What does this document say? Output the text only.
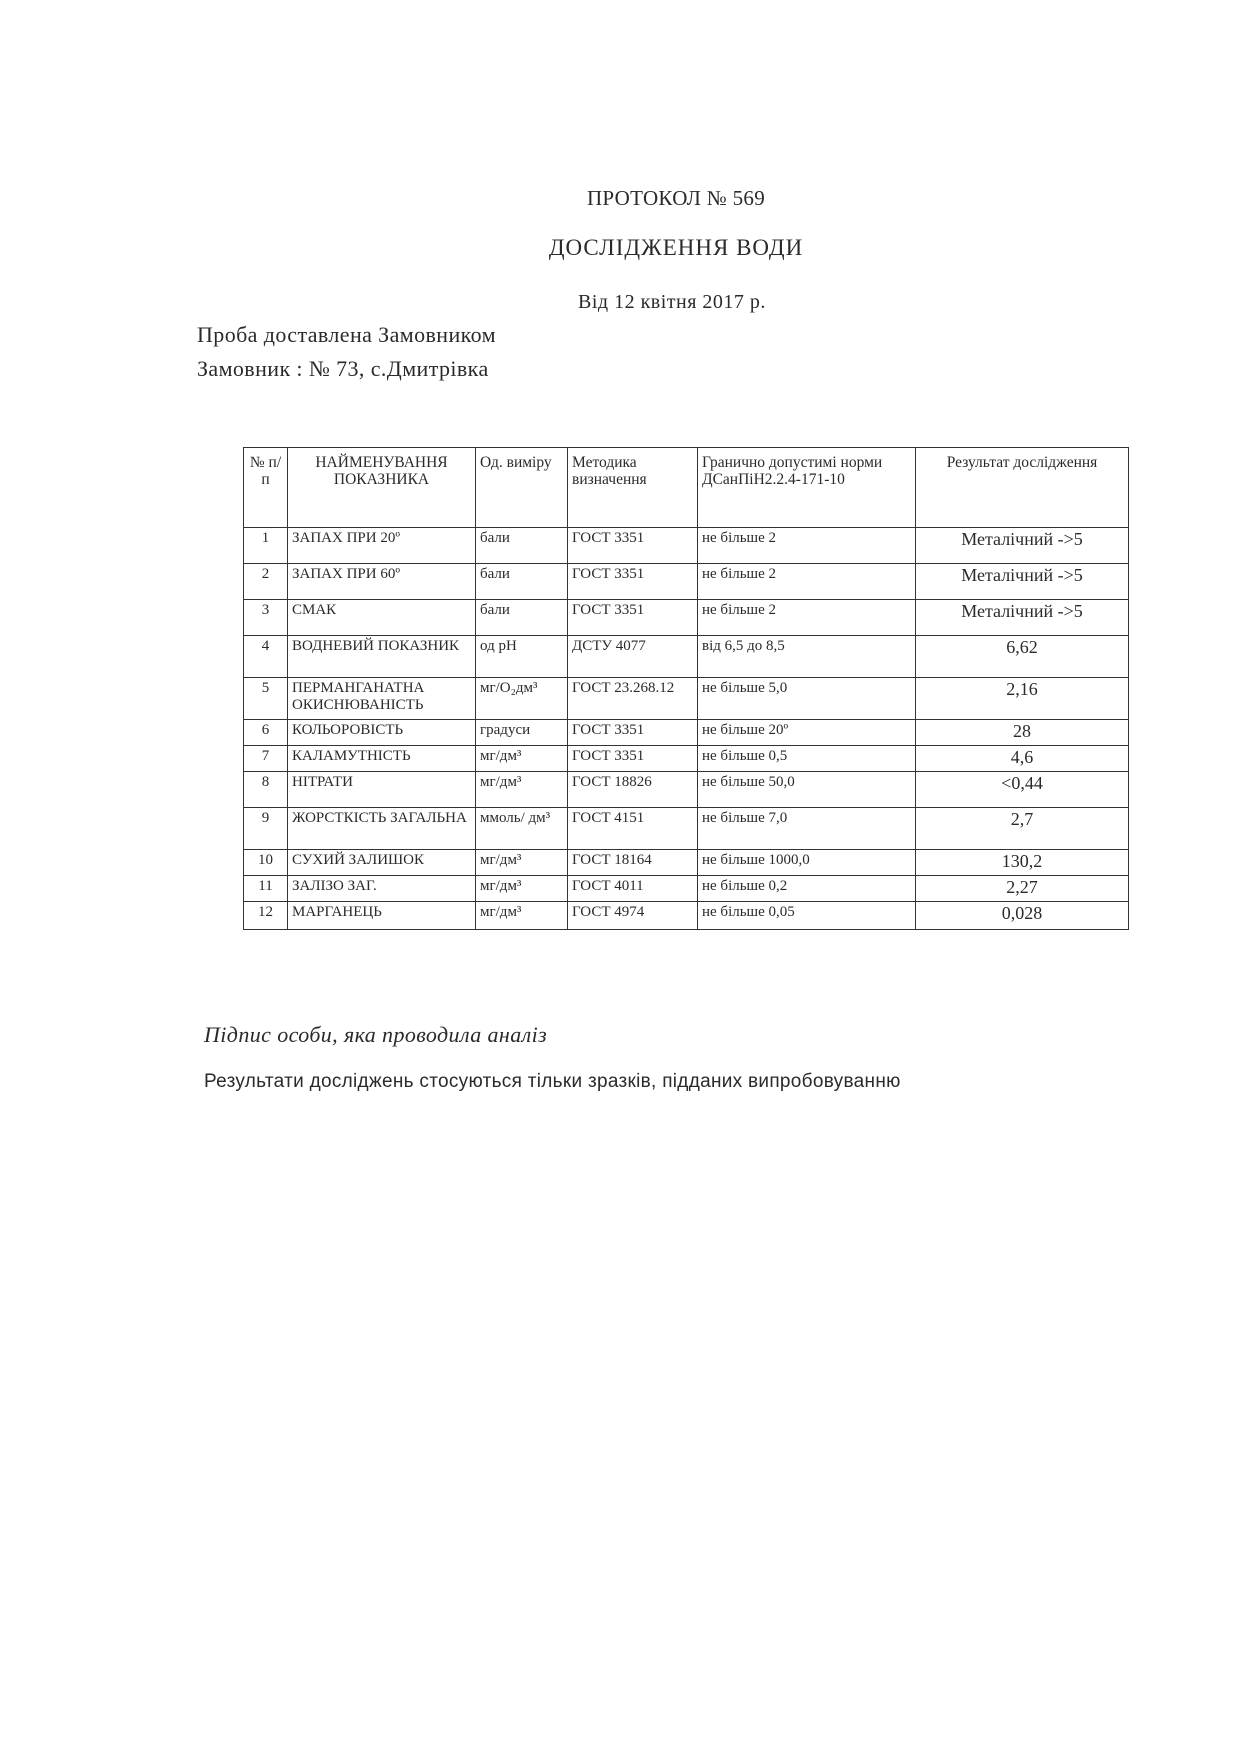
ПРОТОКОЛ № 569
ДОСЛІДЖЕННЯ ВОДИ
Від 12 квітня 2017 р.
Проба доставлена Замовником
Замовник : № 73, с.Дмитрівка
№ п/п	НАЙМЕНУВАННЯ ПОКАЗНИКА	Од. виміру	Методика визначення	Гранично допустимі норми ДСанПіН2.2.4-171-10	Результат дослідження
1	ЗАПАХ ПРИ 20º	бали	ГОСТ 3351	не більше 2	Металічний ->5
2	ЗАПАХ ПРИ 60º	бали	ГОСТ 3351	не більше 2	Металічний ->5
3	СМАК	бали	ГОСТ 3351	не більше 2	Металічний ->5
4	ВОДНЕВИЙ ПОКАЗНИК	од pH	ДСТУ 4077	від 6,5 до 8,5	6,62
5	ПЕРМАНГАНАТНА ОКИСНЮВАНІСТЬ	мг/О₂дм³	ГОСТ 23.268.12	не більше 5,0	2,16
6	КОЛЬОРОВІСТЬ	градуси	ГОСТ 3351	не більше 20º	28
7	КАЛАМУТНІСТЬ	мг/дм³	ГОСТ 3351	не більше 0,5	4,6
8	НІТРАТИ	мг/дм³	ГОСТ 18826	не більше 50,0	<0,44
9	ЖОРСТКІСТЬ ЗАГАЛЬНА	ммоль/ дм³	ГОСТ 4151	не більше 7,0	2,7
10	СУХИЙ ЗАЛИШОК	мг/дм³	ГОСТ 18164	не більше 1000,0	130,2
11	ЗАЛІЗО ЗАГ.	мг/дм³	ГОСТ 4011	не більше 0,2	2,27
12	МАРГАНЕЦЬ	мг/дм³	ГОСТ 4974	не більше 0,05	0,028
Підпис особи, яка проводила аналіз
Результати досліджень стосуються тільки зразків, підданих випробовуванню
